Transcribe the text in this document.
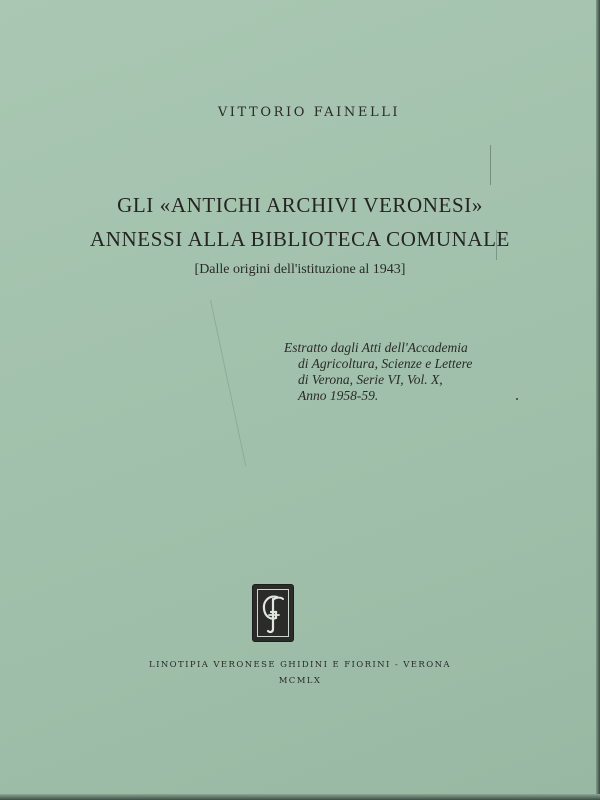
VITTORIO FAINELLI
GLI «ANTICHI ARCHIVI VERONESI»
ANNESSI ALLA BIBLIOTECA COMUNALE
[Dalle origini dell'istituzione al 1943]
Estratto dagli Atti dell'Accademia
di Agricoltura, Scienze e Lettere
di Verona, Serie VI, Vol. X,
Anno 1958-59.
LINOTIPIA VERONESE GHIDINI E FIORINI - VERONA
MCMLX
